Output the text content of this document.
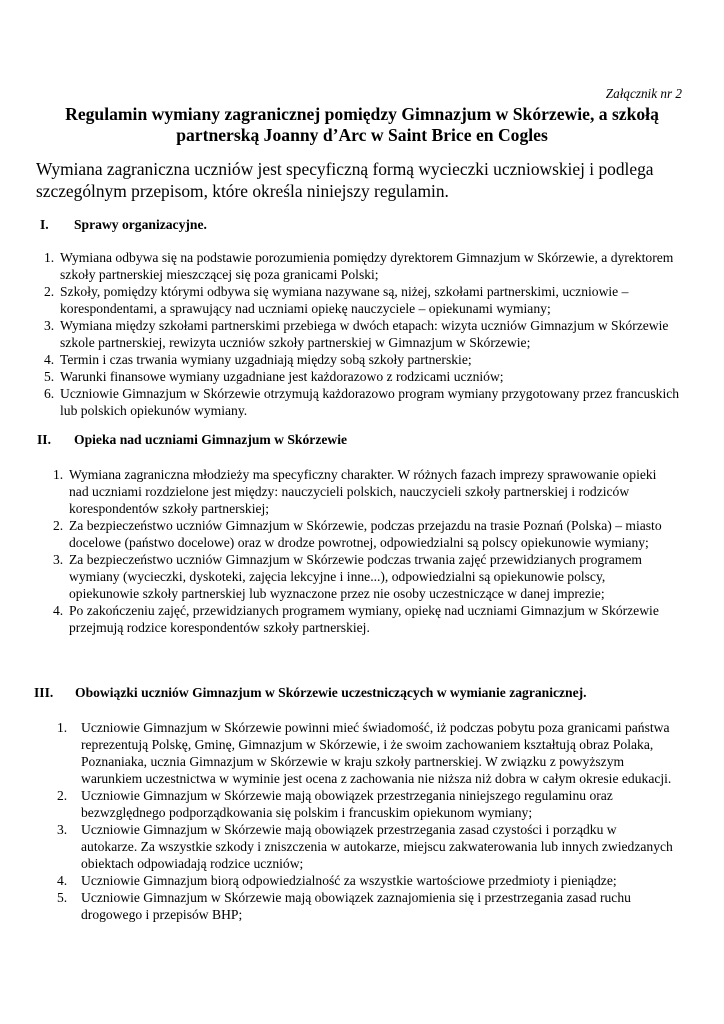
Załącznik nr 2
Regulamin wymiany zagranicznej pomiędzy Gimnazjum w Skórzewie, a szkołą
partnerską Joanny d’Arc w Saint Brice en Cogles

Wymiana zagraniczna uczniów jest specyficzną formą wycieczki uczniowskiej i podlega szczególnym przepisom, które określa niniejszy regulamin.

I. Sprawy organizacyjne.
1. Wymiana odbywa się na podstawie porozumienia pomiędzy dyrektorem Gimnazjum w Skórzewie, a dyrektorem szkoły partnerskiej mieszczącej się poza granicami Polski;
2. Szkoły, pomiędzy którymi odbywa się wymiana nazywane są, niżej, szkołami partnerskimi, uczniowie – korespondentami, a sprawujący nad uczniami opiekę nauczyciele – opiekunami wymiany;
3. Wymiana między szkołami partnerskimi przebiega w dwóch etapach: wizyta uczniów Gimnazjum w Skórzewie szkole partnerskiej, rewizyta uczniów szkoły partnerskiej w Gimnazjum w Skórzewie;
4. Termin i czas trwania wymiany uzgadniają między sobą szkoły partnerskie;
5. Warunki finansowe wymiany uzgadniane jest każdorazowo z rodzicami uczniów;
6. Uczniowie Gimnazjum w Skórzewie otrzymują każdorazowo program wymiany przygotowany przez francuskich lub polskich opiekunów wymiany.
II. Opieka nad uczniami Gimnazjum w Skórzewie
1. Wymiana zagraniczna młodzieży ma specyficzny charakter. W różnych fazach imprezy sprawowanie opieki nad uczniami rozdzielone jest między: nauczycieli polskich, nauczycieli szkoły partnerskiej i rodziców korespondentów szkoły partnerskiej;
2. Za bezpieczeństwo uczniów Gimnazjum w Skórzewie, podczas przejazdu na trasie Poznań (Polska) – miasto docelowe (państwo docelowe) oraz w drodze powrotnej, odpowiedzialni są polscy opiekunowie wymiany;
3. Za bezpieczeństwo uczniów Gimnazjum w Skórzewie podczas trwania zajęć przewidzianych programem wymiany (wycieczki, dyskoteki, zajęcia lekcyjne i inne...), odpowiedzialni są opiekunowie polscy, opiekunowie szkoły partnerskiej lub wyznaczone przez nie osoby uczestniczące w danej imprezie;
4. Po zakończeniu zajęć, przewidzianych programem wymiany, opiekę nad uczniami Gimnazjum w Skórzewie przejmują rodzice korespondentów szkoły partnerskiej.
III. Obowiązki uczniów Gimnazjum w Skórzewie uczestniczących w wymianie zagranicznej.
1. Uczniowie Gimnazjum w Skórzewie powinni mieć świadomość, iż podczas pobytu poza granicami państwa reprezentują Polskę, Gminę, Gimnazjum w Skórzewie, i że swoim zachowaniem kształtują obraz Polaka, Poznaniaka, ucznia Gimnazjum w Skórzewie w kraju szkoły partnerskiej. W związku z powyższym warunkiem uczestnictwa w wyminie jest ocena z zachowania nie niższa niż dobra w całym okresie edukacji.
2. Uczniowie Gimnazjum w Skórzewie mają obowiązek przestrzegania niniejszego regulaminu oraz bezwzględnego podporządkowania się polskim i francuskim opiekunom wymiany;
3. Uczniowie Gimnazjum w Skórzewie mają obowiązek przestrzegania zasad czystości i porządku w autokarze. Za wszystkie szkody i zniszczenia w autokarze, miejscu zakwaterowania lub innych zwiedzanych obiektach odpowiadają rodzice uczniów;
4. Uczniowie Gimnazjum biorą odpowiedzialność za wszystkie wartościowe przedmioty i pieniądze;
5. Uczniowie Gimnazjum w Skórzewie mają obowiązek zaznajomienia się i przestrzegania zasad ruchu drogowego i przepisów BHP;
